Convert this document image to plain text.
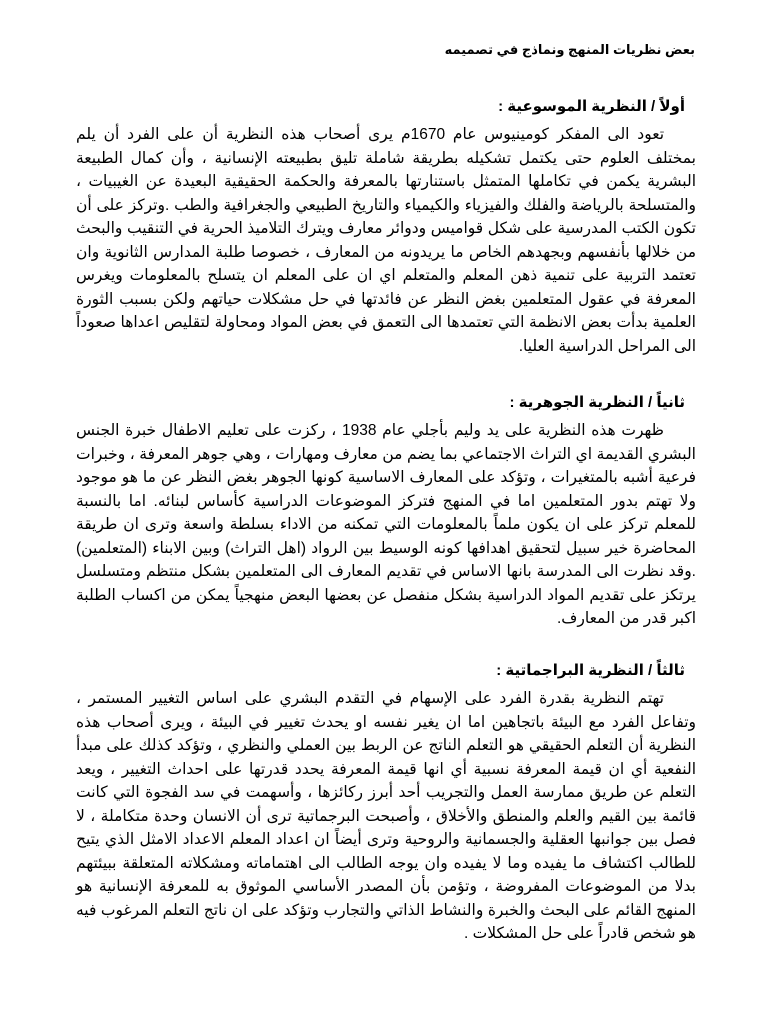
بعض نظريات المنهج ونماذج في تصميمه
أولاً / النظرية الموسوعية :
تعود الى المفكر كومينيوس عام 1670م يرى أصحاب هذه النظرية أن على الفرد أن يلم بمختلف العلوم حتى يكتمل تشكيله بطريقة شاملة تليق بطبيعته الإنسانية ، وأن كمال الطبيعة البشرية يكمن في تكاملها المتمثل باستنارتها بالمعرفة والحكمة الحقيقية البعيدة عن الغيبيات ، والمتسلحة بالرياضة والفلك والفيزياء والكيمياء والتاريخ الطبيعي والجغرافية والطب .وتركز على أن تكون الكتب المدرسية على شكل قواميس ودوائر معارف ويترك التلاميذ الحرية في التنقيب والبحث من خلالها بأنفسهم وبجهدهم الخاص ما يريدونه من المعارف ، خصوصا طلبة المدارس الثانوية وان تعتمد التربية على تنمية ذهن المعلم والمتعلم اي ان على المعلم ان يتسلح بالمعلومات ويغرس المعرفة في عقول المتعلمين بغض النظر عن فائدتها في حل مشكلات حياتهم ولكن بسبب الثورة العلمية بدأت بعض الانظمة التي تعتمدها الى التعمق في بعض المواد ومحاولة لتقليص اعداها صعوداً الى المراحل الدراسية العليا.
ثانياً / النظرية الجوهرية :
ظهرت هذه النظرية على يد وليم بأجلي عام 1938 ، ركزت على تعليم الاطفال خبرة الجنس البشري القديمة اي التراث الاجتماعي بما يضم من معارف ومهارات ، وهي جوهر المعرفة ، وخبرات فرعية أشبه بالمتغيرات ، وتؤكد على المعارف الاساسية كونها الجوهر بغض النظر عن ما هو موجود ولا تهتم بدور المتعلمين اما في المنهج فتركز الموضوعات الدراسية كأساس لبنائه. اما بالنسبة للمعلم تركز على ان يكون ملماً بالمعلومات التي تمكنه من الاداء بسلطة واسعة وترى ان طريقة المحاضرة خير سبيل لتحقيق اهدافها كونه الوسيط بين الرواد (اهل التراث) وبين الابناء (المتعلمين) .وقد نظرت الى المدرسة بانها الاساس في تقديم المعارف الى المتعلمين بشكل منتظم ومتسلسل يرتكز على تقديم المواد الدراسية بشكل منفصل عن بعضها البعض منهجياً يمكن من اكساب الطلبة اكبر قدر من المعارف.
ثالثاً / النظرية البراجماتية :
تهتم النظرية بقدرة الفرد على الإسهام في التقدم البشري على اساس التغيير المستمر ، وتفاعل الفرد مع البيئة باتجاهين اما ان يغير نفسه او يحدث تغيير في البيئة ، ويرى أصحاب هذه النظرية أن التعلم الحقيقي هو التعلم الناتج عن الربط بين العملي والنظري ، وتؤكد كذلك على مبدأ النفعية أي ان قيمة المعرفة نسبية أي انها قيمة المعرفة يحدد قدرتها على احداث التغيير ، ويعد التعلم عن طريق ممارسة العمل والتجريب أحد أبرز ركائزها ، وأسهمت في سد الفجوة التي كانت قائمة بين القيم والعلم والمنطق والأخلاق ، وأصبحت البرجماتية ترى أن الانسان وحدة متكاملة ، لا فصل بين جوانبها العقلية والجسمانية والروحية وترى أيضاً ان اعداد المعلم الاعداد الامثل الذي يتيح للطالب اكتشاف ما يفيده وما لا يفيده وان يوجه الطالب الى اهتماماته ومشكلاته المتعلقة ببيئتهم بدلا من الموضوعات المفروضة ، وتؤمن بأن المصدر الأساسي الموثوق به للمعرفة الإنسانية هو المنهج القائم على البحث والخبرة والنشاط الذاتي والتجارب وتؤكد على ان ناتج التعلم المرغوب فيه هو شخص قادراً على حل المشكلات .
